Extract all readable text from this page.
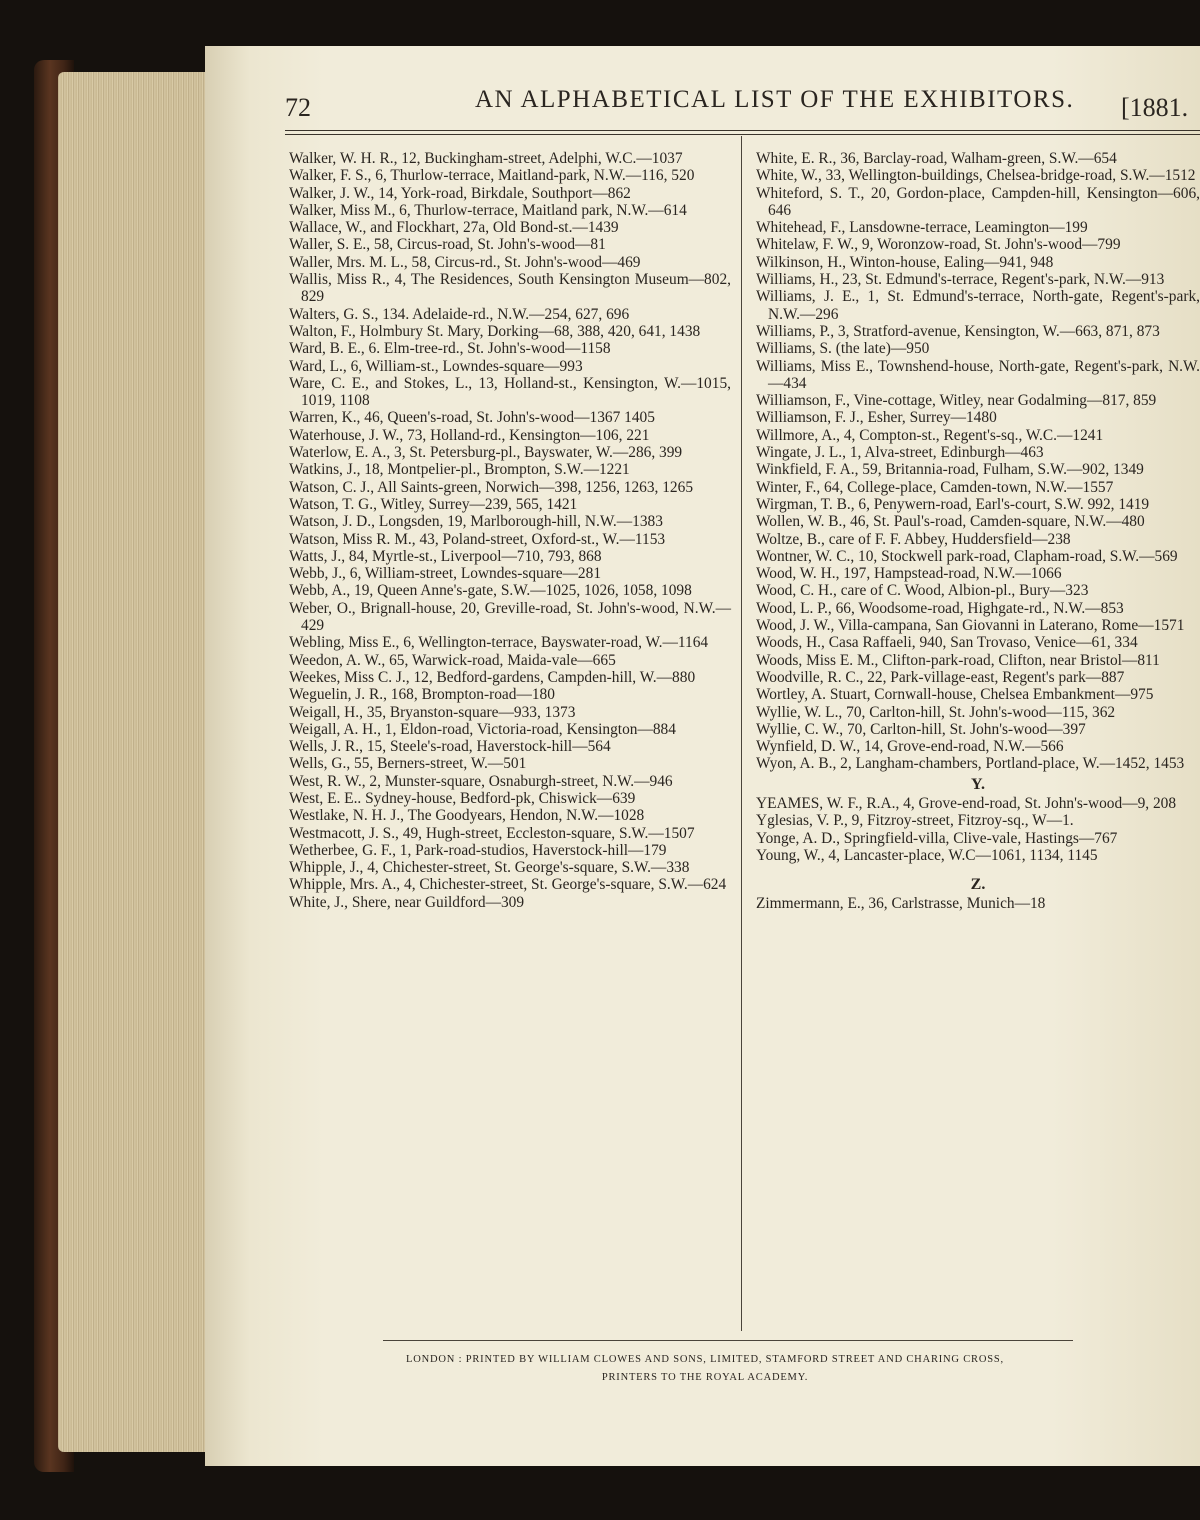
72	AN ALPHABETICAL LIST OF THE EXHIBITORS. [1881.

Walker, W. H. R., 12, Buckingham-street, Adelphi, W.C.—1037

Walker, F. S., 6, Thurlow-terrace, Maitland-park, N.W.—116, 520

Walker, J. W., 14, York-road, Birkdale, Southport—862

Walker, Miss M., 6, Thurlow-terrace, Maitland park, N.W.—614

Wallace, W., and Flockhart, 27a, Old Bond-st.—1439

Waller, S. E., 58, Circus-road, St. John's-wood—81

Waller, Mrs. M. L., 58, Circus-rd., St. John's-wood—469

Wallis, Miss R., 4, The Residences, South Kensington Museum—802, 829

Walters, G. S., 134. Adelaide-rd., N.W.—254, 627, 696

Walton, F., Holmbury St. Mary, Dorking—68, 388, 420, 641, 1438

Ward, B. E., 6. Elm-tree-rd., St. John's-wood—1158

Ward, L., 6, William-st., Lowndes-square—993

Ware, C. E., and Stokes, L., 13, Holland-st., Kensington, W.—1015, 1019, 1108

Warren, K., 46, Queen's-road, St. John's-wood—1367 1405

Waterhouse, J. W., 73, Holland-rd., Kensington—106, 221

Waterlow, E. A., 3, St. Petersburg-pl., Bayswater, W.—286, 399

Watkins, J., 18, Montpelier-pl., Brompton, S.W.—1221

Watson, C. J., All Saints-green, Norwich—398, 1256, 1263, 1265

Watson, T. G., Witley, Surrey—239, 565, 1421

Watson, J. D., Longsden, 19, Marlborough-hill, N.W.—1383

Watson, Miss R. M., 43, Poland-street, Oxford-st., W.—1153

Watts, J., 84, Myrtle-st., Liverpool—710, 793, 868

Webb, J., 6, William-street, Lowndes-square—281

Webb, A., 19, Queen Anne's-gate, S.W.—1025, 1026, 1058, 1098

Weber, O., Brignall-house, 20, Greville-road, St. John's-wood, N.W.—429

Webling, Miss E., 6, Wellington-terrace, Bayswater-road, W.—1164

Weedon, A. W., 65, Warwick-road, Maida-vale—665

Weekes, Miss C. J., 12, Bedford-gardens, Campden-hill, W.—880

Weguelin, J. R., 168, Brompton-road—180

Weigall, H., 35, Bryanston-square—933, 1373

Weigall, A. H., 1, Eldon-road, Victoria-road, Kensington—884

Wells, J. R., 15, Steele's-road, Haverstock-hill—564

Wells, G., 55, Berners-street, W.—501

West, R. W., 2, Munster-square, Osnaburgh-street, N.W.—946

West, E. E.. Sydney-house, Bedford-pk, Chiswick—639

Westlake, N. H. J., The Goodyears, Hendon, N.W.—1028

Westmacott, J. S., 49, Hugh-street, Eccleston-square, S.W.—1507

Wetherbee, G. F., 1, Park-road-studios, Haverstock-hill—179

Whipple, J., 4, Chichester-street, St. George's-square, S.W.—338

Whipple, Mrs. A., 4, Chichester-street, St. George's-square, S.W.—624

White, J., Shere, near Guildford—309

White, E. R., 36, Barclay-road, Walham-green, S.W.—654

White, W., 33, Wellington-buildings, Chelsea-bridge-road, S.W.—1512

Whiteford, S. T., 20, Gordon-place, Campden-hill, Kensington—606, 646

Whitehead, F., Lansdowne-terrace, Leamington—199

Whitelaw, F. W., 9, Woronzow-road, St. John's-wood—799

Wilkinson, H., Winton-house, Ealing—941, 948

Williams, H., 23, St. Edmund's-terrace, Regent's-park, N.W.—913

Williams, J. E., 1, St. Edmund's-terrace, North-gate, Regent's-park, N.W.—296

Williams, P., 3, Stratford-avenue, Kensington, W.—663, 871, 873

Williams, S. (the late)—950

Williams, Miss E., Townshend-house, North-gate, Regent's-park, N.W.—434

Williamson, F., Vine-cottage, Witley, near Godalming—817, 859

Williamson, F. J., Esher, Surrey—1480

Willmore, A., 4, Compton-st., Regent's-sq., W.C.—1241

Wingate, J. L., 1, Alva-street, Edinburgh—463

Winkfield, F. A., 59, Britannia-road, Fulham, S.W.—902, 1349

Winter, F., 64, College-place, Camden-town, N.W.—1557

Wirgman, T. B., 6, Penywern-road, Earl's-court, S.W. 992, 1419

Wollen, W. B., 46, St. Paul's-road, Camden-square, N.W.—480

Woltze, B., care of F. F. Abbey, Huddersfield—238

Wontner, W. C., 10, Stockwell park-road, Clapham-road, S.W.—569

Wood, W. H., 197, Hampstead-road, N.W.—1066

Wood, C. H., care of C. Wood, Albion-pl., Bury—323

Wood, L. P., 66, Woodsome-road, Highgate-rd., N.W.—853

Wood, J. W., Villa-campana, San Giovanni in Laterano, Rome—1571

Woods, H., Casa Raffaeli, 940, San Trovaso, Venice—61, 334

Woods, Miss E. M., Clifton-park-road, Clifton, near Bristol—811

Woodville, R. C., 22, Park-village-east, Regent's park—887

Wortley, A. Stuart, Cornwall-house, Chelsea Embankment—975

Wyllie, W. L., 70, Carlton-hill, St. John's-wood—115, 362

Wyllie, C. W., 70, Carlton-hill, St. John's-wood—397

Wynfield, D. W., 14, Grove-end-road, N.W.—566

Wyon, A. B., 2, Langham-chambers, Portland-place, W.—1452, 1453

Y.

YEAMES, W. F., R.A., 4, Grove-end-road, St. John's-wood—9, 208

Yglesias, V. P., 9, Fitzroy-street, Fitzroy-sq., W—1.

Yonge, A. D., Springfield-villa, Clive-vale, Hastings—767

Young, W., 4, Lancaster-place, W.C—1061, 1134, 1145

Z.

Zimmermann, E., 36, Carlstrasse, Munich—18

LONDON : PRINTED BY WILLIAM CLOWES AND SONS, LIMITED, STAMFORD STREET AND CHARING CROSS,
PRINTERS TO THE ROYAL ACADEMY.
